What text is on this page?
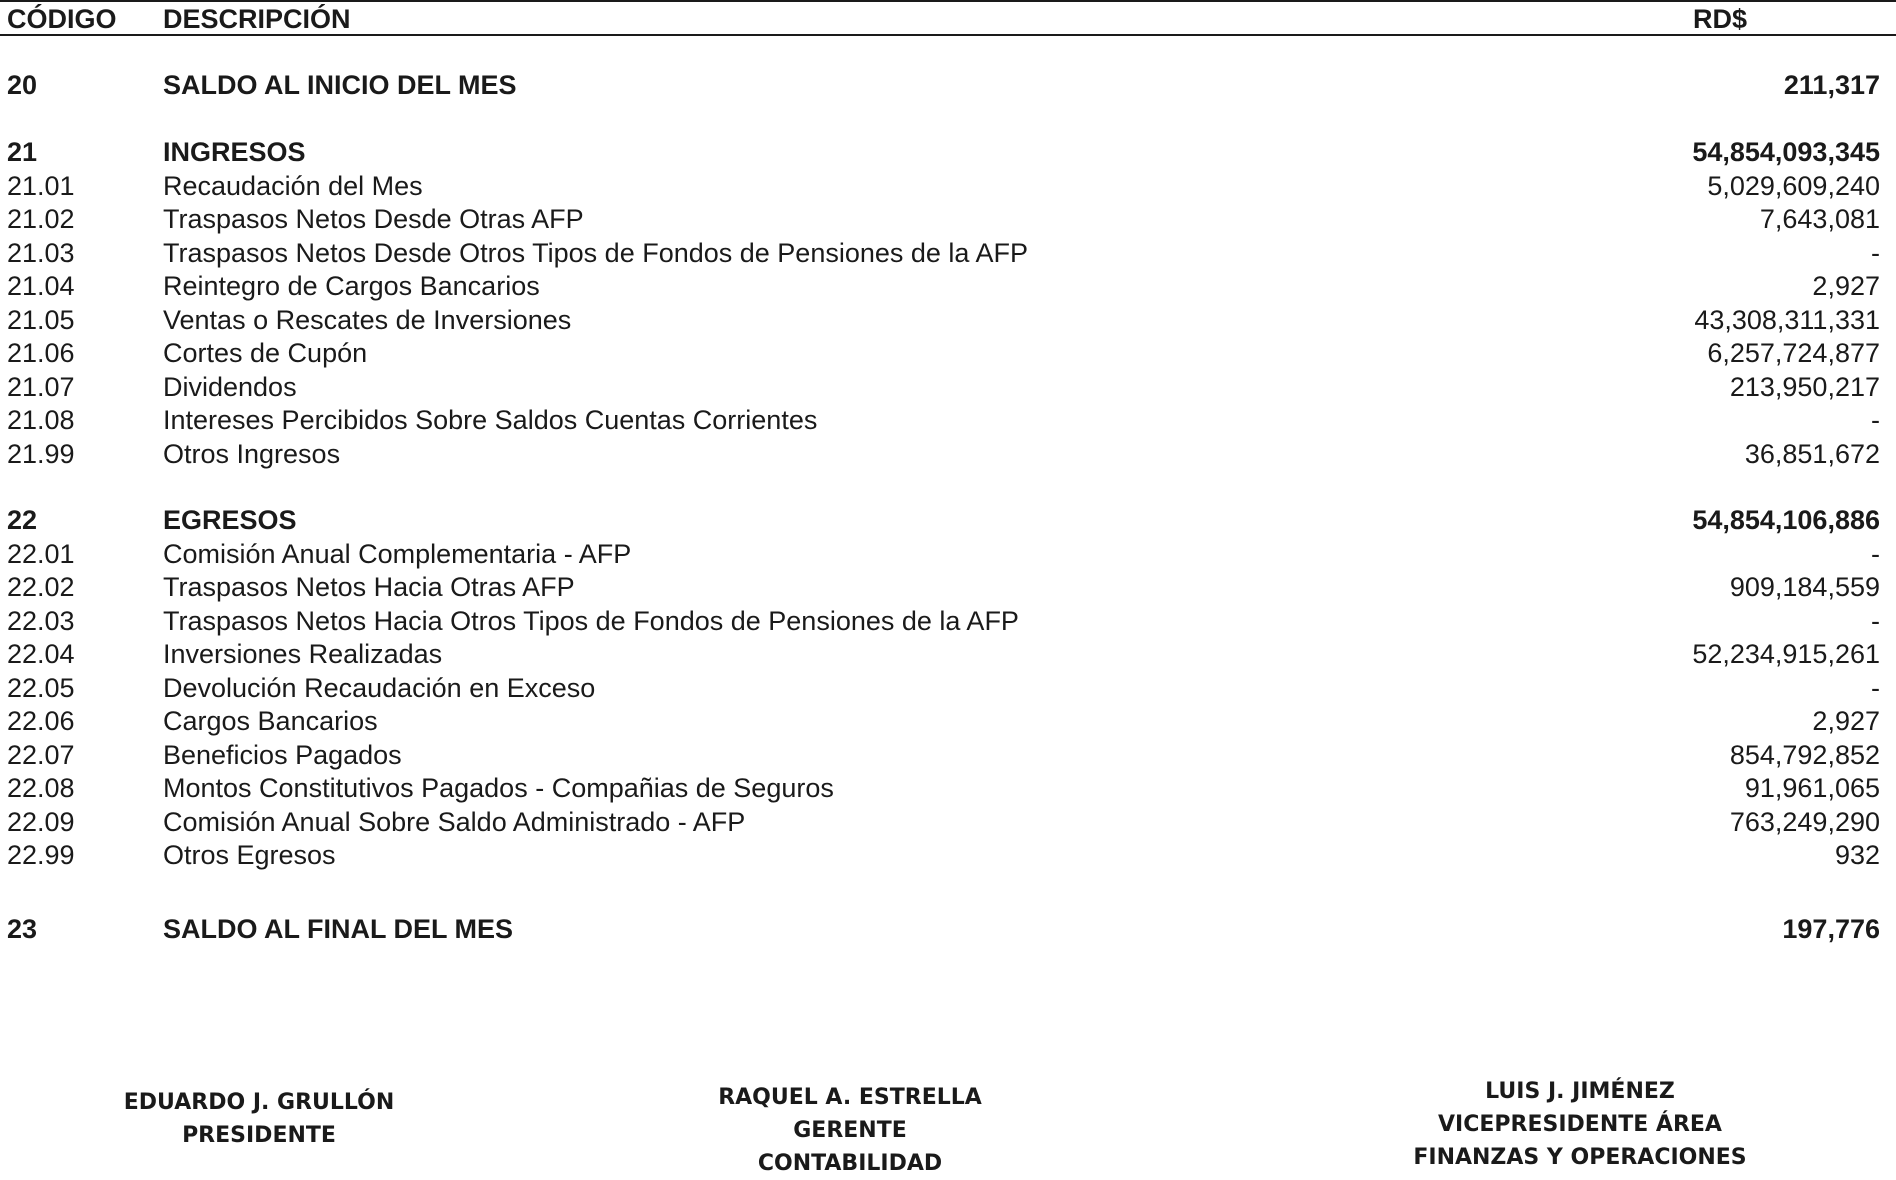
CÓDIGO DESCRIPCIÓN	RD$
20	SALDO AL INICIO DEL MES	211,317
21	INGRESOS	54,854,093,345
21.01	Recaudación del Mes	5,029,609,240
21.02	Traspasos Netos Desde Otras AFP	7,643,081
21.03	Traspasos Netos Desde Otros Tipos de Fondos de Pensiones de la AFP	-
21.04	Reintegro de Cargos Bancarios	2,927
21.05	Ventas o Rescates de Inversiones	43,308,311,331
21.06	Cortes de Cupón	6,257,724,877
21.07	Dividendos	213,950,217
21.08	Intereses Percibidos Sobre Saldos Cuentas Corrientes	-
21.99	Otros Ingresos	36,851,672
22	EGRESOS	54,854,106,886
22.01	Comisión Anual Complementaria - AFP	-
22.02	Traspasos Netos Hacia Otras AFP	909,184,559
22.03	Traspasos Netos Hacia Otros Tipos de Fondos de Pensiones de la AFP	-
22.04	Inversiones Realizadas	52,234,915,261
22.05	Devolución Recaudación en Exceso	-
22.06	Cargos Bancarios	2,927
22.07	Beneficios Pagados	854,792,852
22.08	Montos Constitutivos Pagados - Compañias de Seguros	91,961,065
22.09	Comisión Anual Sobre Saldo Administrado - AFP	763,249,290
22.99	Otros Egresos	932
23	SALDO AL FINAL DEL MES	197,776
EDUARDO J. GRULLÓN
PRESIDENTE
RAQUEL A. ESTRELLA
GERENTE
CONTABILIDAD
LUIS J. JIMÉNEZ
VICEPRESIDENTE ÁREA
FINANZAS Y OPERACIONES
